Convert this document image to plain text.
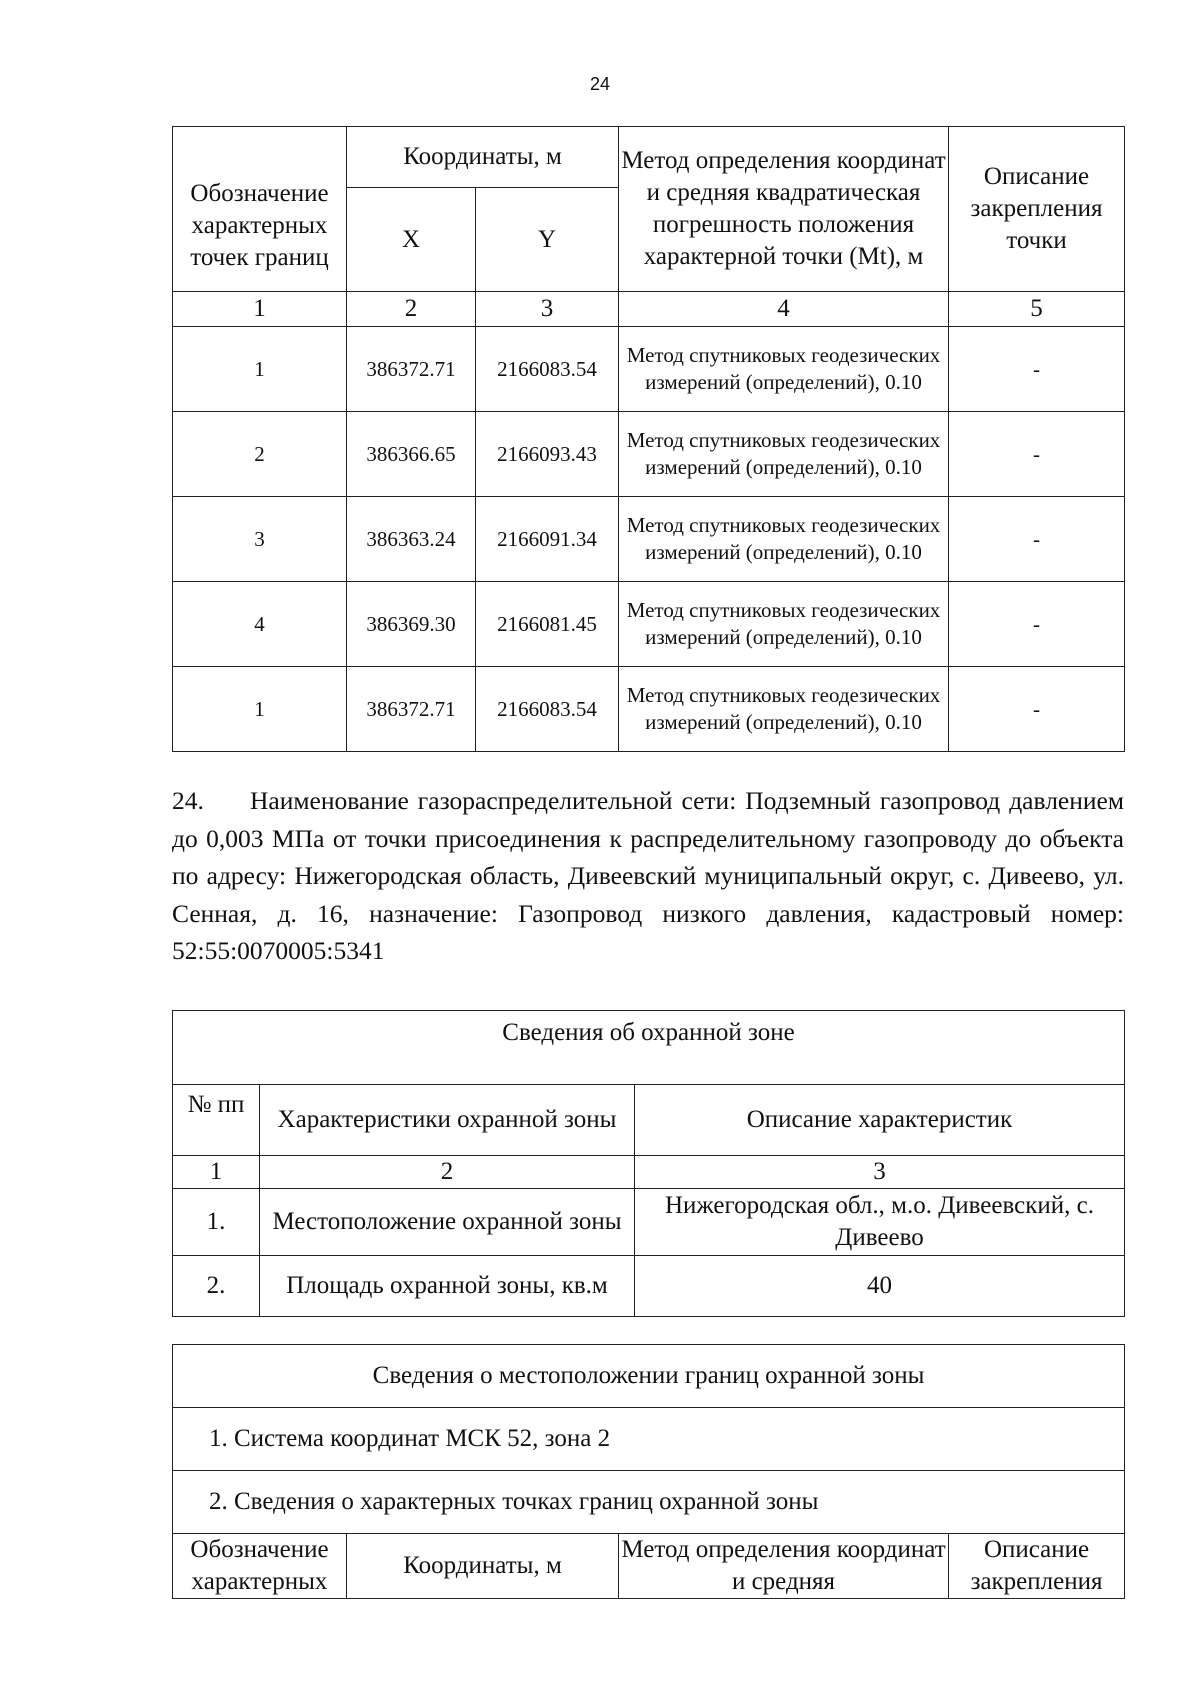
24
Обозначение характерных точек границ	Координаты, м		Метод определения координат и средняя квадратическая погрешность положения характерной точки (Mt), м	Описание закрепления точки
	X	Y		
1	2	3	4	5
1	386372.71	2166083.54	Метод спутниковых геодезических измерений (определений), 0.10	-
2	386366.65	2166093.43	Метод спутниковых геодезических измерений (определений), 0.10	-
3	386363.24	2166091.34	Метод спутниковых геодезических измерений (определений), 0.10	-
4	386369.30	2166081.45	Метод спутниковых геодезических измерений (определений), 0.10	-
1	386372.71	2166083.54	Метод спутниковых геодезических измерений (определений), 0.10	-
24. Наименование газораспределительной сети: Подземный газопровод давлением до 0,003 МПа от точки присоединения к распределительному газопроводу до объекта по адресу: Нижегородская область, Дивеевский муниципальный округ, с. Дивеево, ул. Сенная, д. 16, назначение: Газопровод низкого давления, кадастровый номер: 52:55:0070005:5341
Сведения об охранной зоне		
№ пп	Характеристики охранной зоны	Описание характеристик
1	2	3
1.	Местоположение охранной зоны	Нижегородская обл., м.о. Дивеевский, с. Дивеево
2.	Площадь охранной зоны, кв.м	40
Сведения о местоположении границ охранной зоны
1. Система координат МСК 52, зона 2
2. Сведения о характерных точках границ охранной зоны
Обозначение характерных	Координаты, м	Метод определения координат и средняя	Описание закрепления
